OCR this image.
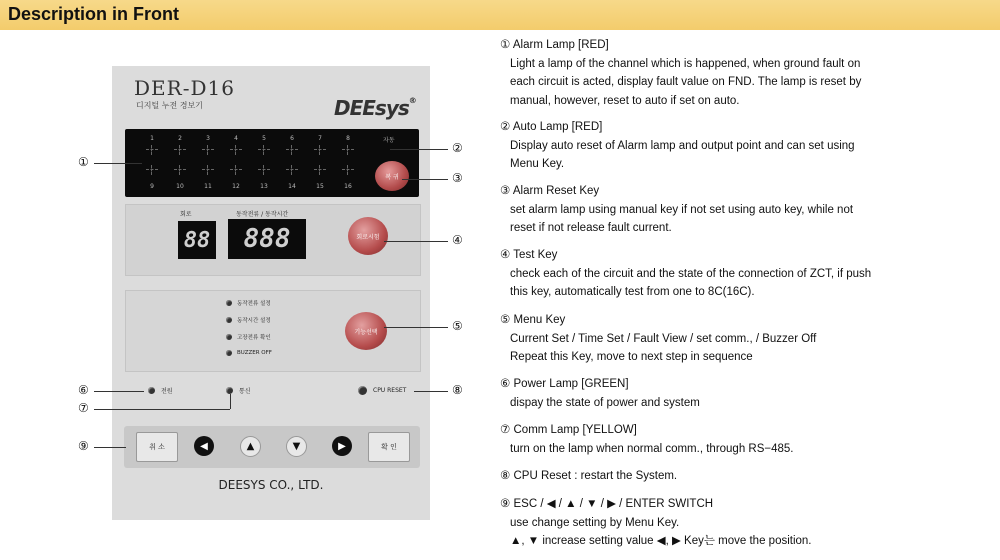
Description in Front
DER-D16
디지털 누전 경보기	DEEsys®
자동
복 귀
1	2	3	4	5	6	7	8
9	10	11	12	13	14	15	16
회로	동작전류 / 동작시간
88	888	회로시험
동작전류 설정
동작시간 설정
고장전류 확인
BUZZER OFF
기능선택
전원	통신	CPU RESET
취 소	◀	▲	▼	▶	확 인
DEESYS CO., LTD.
①
②
③
④
⑤
⑥
⑦
⑧
⑨
① Alarm Lamp [RED]
Light a lamp of the channel which is happened, when ground fault on
each circuit is acted, display fault value on FND. The lamp is reset by
manual, however, reset to auto if set on auto.
② Auto Lamp [RED]
Display auto reset of Alarm lamp and output point and can set using
Menu Key.
③ Alarm Reset Key
set alarm lamp using manual key if not set using auto key, while not
reset if not release fault current.
④ Test Key
check each of the circuit and the state of the connection of ZCT, if push
this key, automatically test from one to 8C(16C).
⑤ Menu Key
Current Set / Time Set / Fault View / set comm., / Buzzer Off
Repeat this Key, move to next step in sequence
⑥ Power Lamp [GREEN]
dispay the state of power and system
⑦ Comm Lamp [YELLOW]
turn on the lamp when normal comm., through RS−485.
⑧ CPU Reset : restart the System.
⑨ ESC / ◀ / ▲ / ▼ / ▶ / ENTER SWITCH
use change setting by Menu Key.
▲, ▼ increase setting value ◀, ▶ Key는 move the position.
